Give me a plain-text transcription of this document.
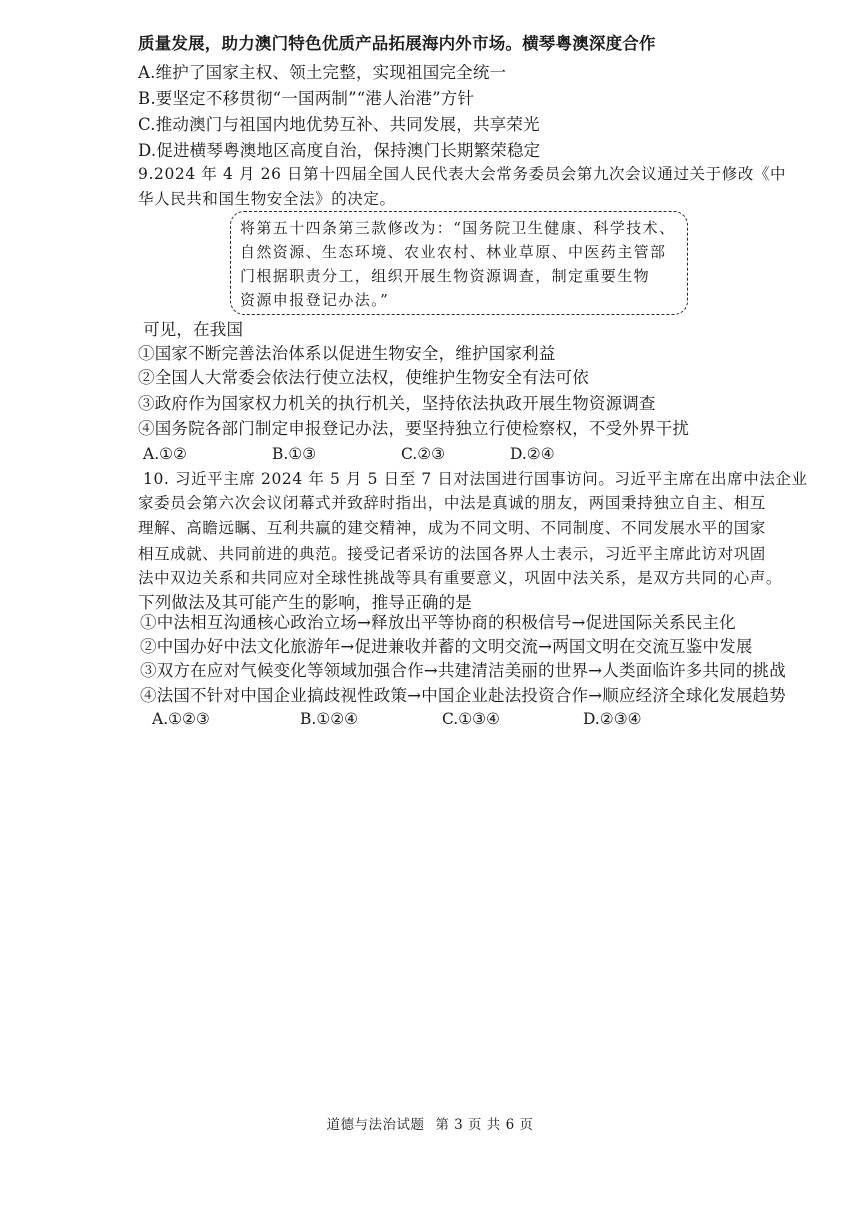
质量发展，助力澳门特色优质产品拓展海内外市场。横琴粤澳深度合作
A.维护了国家主权、领土完整，实现祖国完全统一
B.要坚定不移贯彻“一国两制”“港人治港”方针
C.推动澳门与祖国内地优势互补、共同发展，共享荣光
D.促进横琴粤澳地区高度自治，保持澳门长期繁荣稳定
9.2024 年 4 月 26 日第十四届全国人民代表大会常务委员会第九次会议通过关于修改《中
华人民共和国生物安全法》的决定。
将第五十四条第三款修改为：“国务院卫生健康、科学技术、
自然资源、生态环境、农业农村、林业草原、中医药主管部
门根据职责分工，组织开展生物资源调查，制定重要生物
资源申报登记办法。”
可见，在我国
①国家不断完善法治体系以促进生物安全，维护国家利益
②全国人大常委会依法行使立法权，使维护生物安全有法可依
③政府作为国家权力机关的执行机关，坚持依法执政开展生物资源调查
④国务院各部门制定申报登记办法，要坚持独立行使检察权，不受外界干扰
A.①②	B.①③	C.②③	D.②④
10. 习近平主席 2024 年 5 月 5 日至 7 日对法国进行国事访问。习近平主席在出席中法企业
家委员会第六次会议闭幕式并致辞时指出，中法是真诚的朋友，两国秉持独立自主、相互
理解、高瞻远瞩、互利共赢的建交精神，成为不同文明、不同制度、不同发展水平的国家
相互成就、共同前进的典范。接受记者采访的法国各界人士表示，习近平主席此访对巩固
法中双边关系和共同应对全球性挑战等具有重要意义，巩固中法关系，是双方共同的心声。
下列做法及其可能产生的影响，推导正确的是
①中法相互沟通核心政治立场→释放出平等协商的积极信号→促进国际关系民主化
②中国办好中法文化旅游年→促进兼收并蓄的文明交流→两国文明在交流互鉴中发展
③双方在应对气候变化等领域加强合作→共建清洁美丽的世界→人类面临许多共同的挑战
④法国不针对中国企业搞歧视性政策→中国企业赴法投资合作→顺应经济全球化发展趋势
A.①②③	B.①②④	C.①③④	D.②③④
道德与法治试题 第 3 页 共 6 页
